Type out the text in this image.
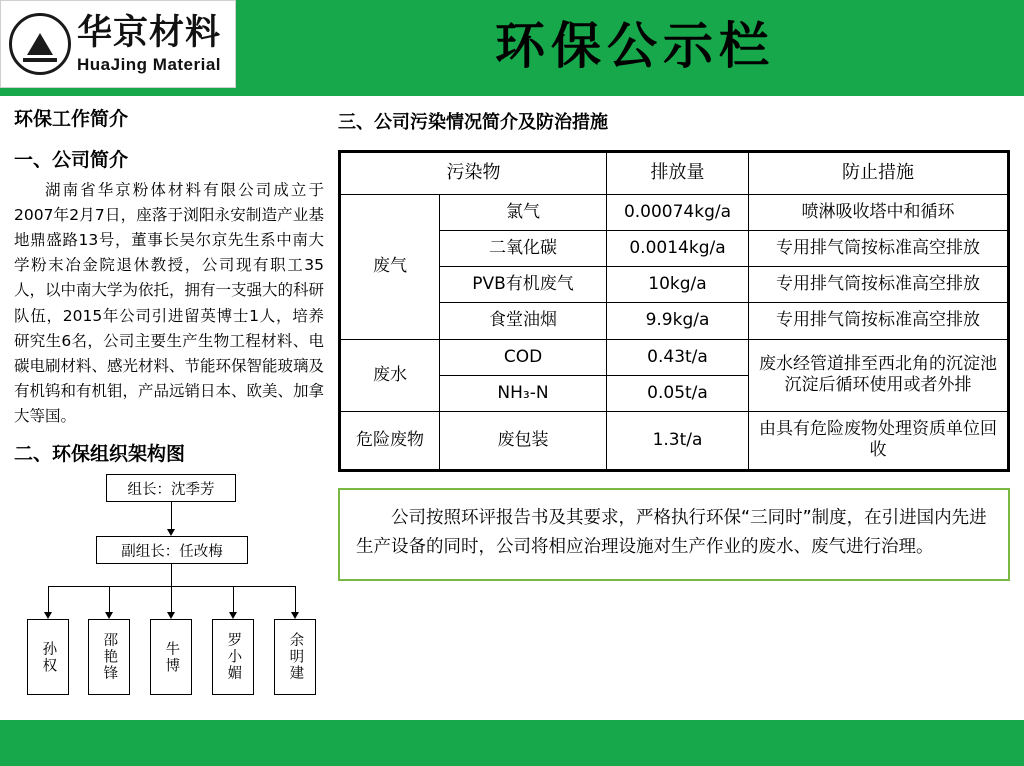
华京材料
HuaJing Material	环保公示栏
环保工作简介
一、公司简介
湖南省华京粉体材料有限公司成立于2007年2月7日，座落于浏阳永安制造产业基地鼎盛路13号，董事长吴尔京先生系中南大学粉末冶金院退休教授，公司现有职工35人，以中南大学为依托，拥有一支强大的科研队伍，2015年公司引进留英博士1人，培养研究生6名，公司主要生产生物工程材料、电碳电刷材料、感光材料、节能环保智能玻璃及有机钨和有机钼，产品远销日本、欧美、加拿大等国。
二、环保组织架构图
组长：沈季芳
副组长：任改梅
孙权	邵艳锋	牛博	罗小媚	余明建
三、公司污染情况简介及防治措施
污染物		排放量	防止措施
废气	氯气	0.00074kg/a	喷淋吸收塔中和循环
	二氧化碳	0.0014kg/a	专用排气筒按标准高空排放
	PVB有机废气	10kg/a	专用排气筒按标准高空排放
	食堂油烟	9.9kg/a	专用排气筒按标准高空排放
废水	COD	0.43t/a	废水经管道排至西北角的沉淀池沉淀后循环使用或者外排
	NH₃-N	0.05t/a	
危险废物	废包装	1.3t/a	由具有危险废物处理资质单位回收
公司按照环评报告书及其要求，严格执行环保“三同时”制度，在引进国内先进生产设备的同时，公司将相应治理设施对生产作业的废水、废气进行治理。
